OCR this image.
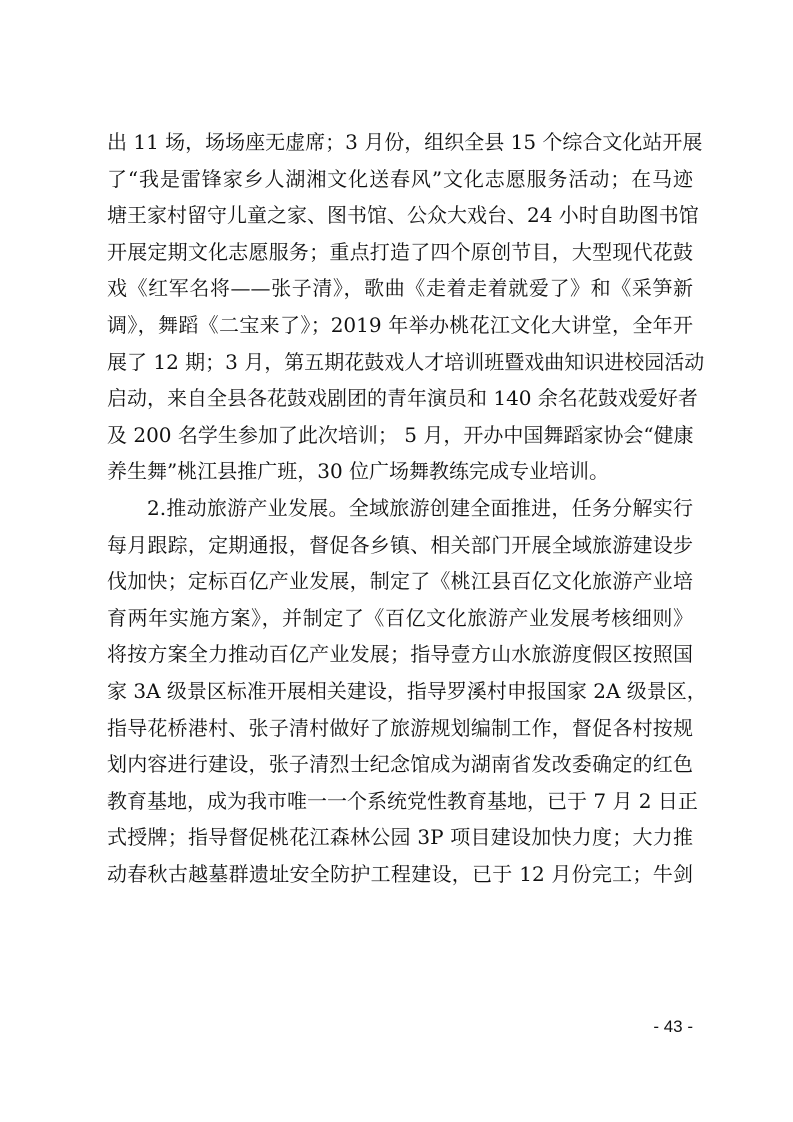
出 11 场，场场座无虚席；3 月份，组织全县 15 个综合文化站开展
了“我是雷锋家乡人湖湘文化送春风”文化志愿服务活动；在马迹
塘王家村留守儿童之家、图书馆、公众大戏台、24 小时自助图书馆
开展定期文化志愿服务；重点打造了四个原创节目，大型现代花鼓
戏《红军名将——张子清》，歌曲《走着走着就爱了》和《采笋新
调》，舞蹈《二宝来了》；2019 年举办桃花江文化大讲堂，全年开
展了 12 期；3 月，第五期花鼓戏人才培训班暨戏曲知识进校园活动
启动，来自全县各花鼓戏剧团的青年演员和 140 余名花鼓戏爱好者
及 200 名学生参加了此次培训； 5 月，开办中国舞蹈家协会“健康
养生舞”桃江县推广班，30 位广场舞教练完成专业培训。
2.推动旅游产业发展。全域旅游创建全面推进，任务分解实行
每月跟踪，定期通报，督促各乡镇、相关部门开展全域旅游建设步
伐加快；定标百亿产业发展，制定了《桃江县百亿文化旅游产业培
育两年实施方案》，并制定了《百亿文化旅游产业发展考核细则》
将按方案全力推动百亿产业发展；指导壹方山水旅游度假区按照国
家 3A 级景区标准开展相关建设，指导罗溪村申报国家 2A 级景区，
指导花桥港村、张子清村做好了旅游规划编制工作，督促各村按规
划内容进行建设，张子清烈士纪念馆成为湖南省发改委确定的红色
教育基地，成为我市唯一一个系统党性教育基地，已于 7 月 2 日正
式授牌；指导督促桃花江森林公园 3P 项目建设加快力度；大力推
动春秋古越墓群遗址安全防护工程建设，已于 12 月份完工；牛剑
- 43 -
